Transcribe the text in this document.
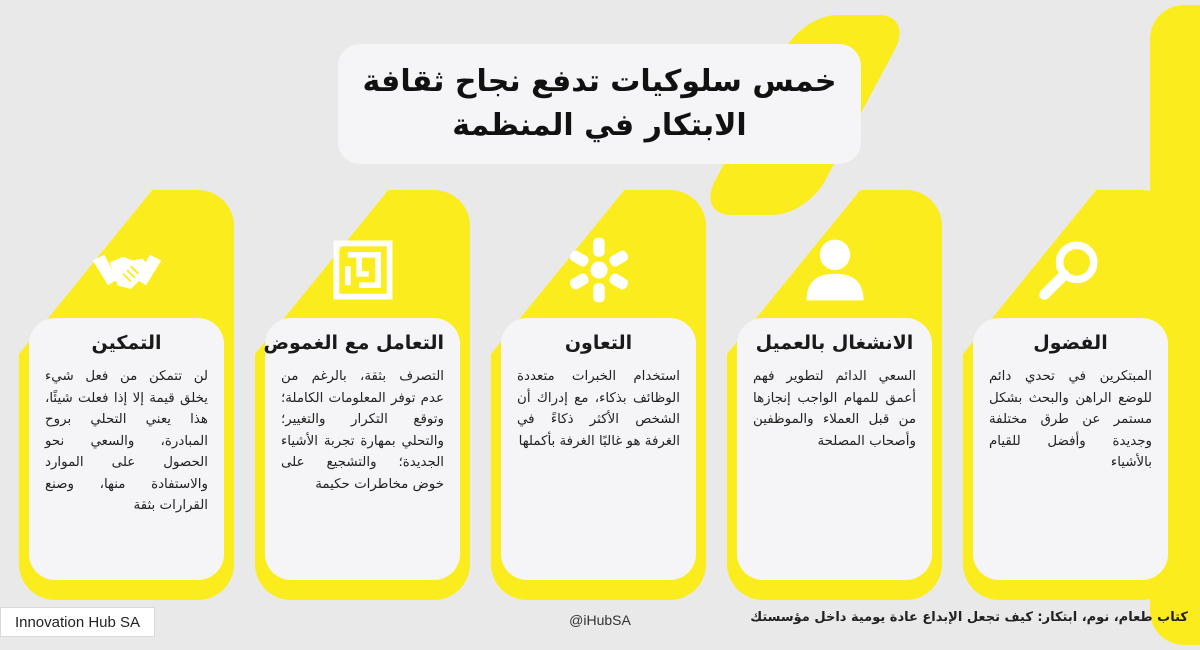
خمس سلوكيات تدفع نجاح ثقافة
الابتكار في المنظمة
الفضول
المبتكرين في تحدي دائم للوضع الراهن والبحث بشكل مستمر عن طرق مختلفة وجديدة وأفضل للقيام بالأشياء
الانشغال بالعميل
السعي الدائم لتطوير فهم أعمق للمهام الواجب إنجازها من قبل العملاء والموظفين وأصحاب المصلحة
التعاون
استخدام الخبرات متعددة الوظائف بذكاء، مع إدراك أن الشخص الأكثر ذكاءً في الغرفة هو غالبًا الغرفة بأكملها
التعامل مع الغموض
التصرف بثقة، بالرغم من عدم توفر المعلومات الكاملة؛ وتوقع التكرار والتغيير؛ والتحلي بمهارة تجربة الأشياء الجديدة؛ والتشجيع على خوض مخاطرات حكيمة
التمكين
لن تتمكن من فعل شيء يخلق قيمة إلا إذا فعلت شيئًا، هذا يعني التحلي بروح المبادرة، والسعي نحو الحصول على الموارد والاستفادة منها، وصنع القرارات بثقة
Innovation Hub SA	@iHubSA	كتاب طعام، نوم، ابتكار: كيف تجعل الإبداع عادة يومية داخل مؤسستك
